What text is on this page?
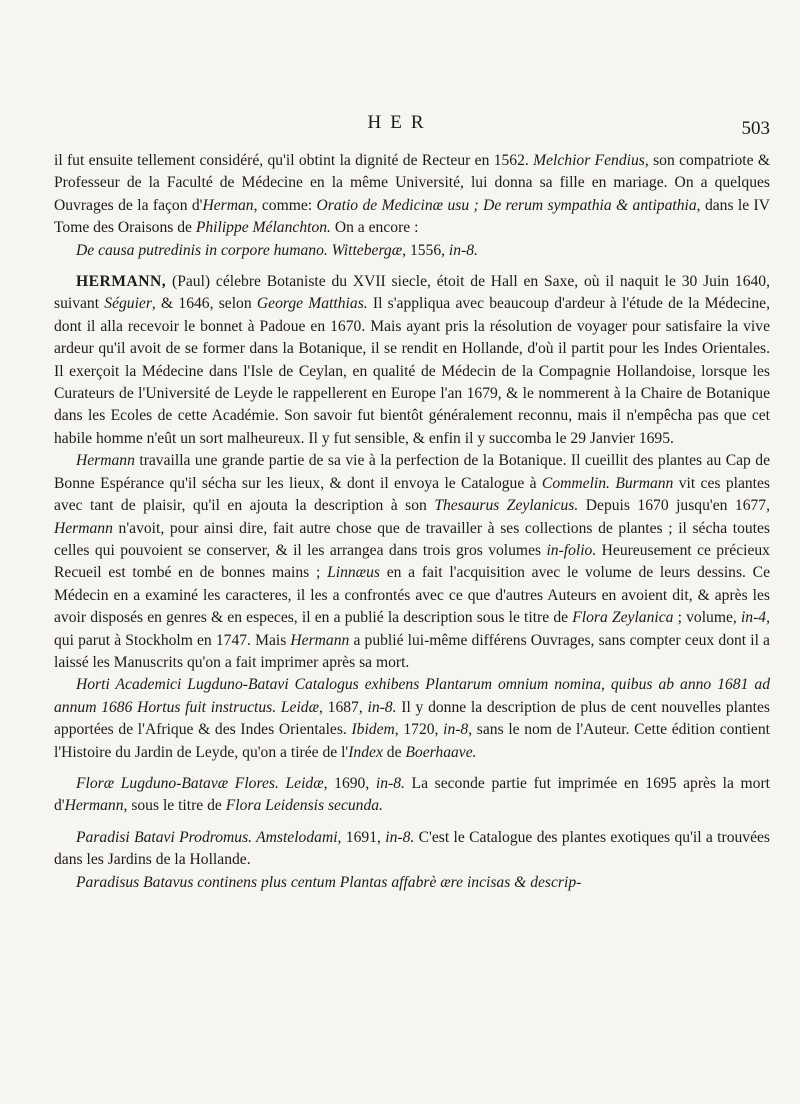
HER	503

il fut ensuite tellement considéré, qu'il obtint la dignité de Recteur en 1562. Melchior Fendius, son compatriote & Professeur de la Faculté de Médecine en la même Université, lui donna sa fille en mariage. On a quelques Ouvrages de la façon d'Herman, comme: Oratio de Medicinæ usu ; De rerum sympathia & antipathia, dans le IV Tome des Oraisons de Philippe Mélanchton. On a encore :

De causa putredinis in corpore humano. Wittebergæ, 1556, in-8.

HERMANN, (Paul) célebre Botaniste du XVII siecle, étoit de Hall en Saxe, où il naquit le 30 Juin 1640, suivant Séguier, & 1646, selon George Matthias. Il s'appliqua avec beaucoup d'ardeur à l'étude de la Médecine, dont il alla recevoir le bonnet à Padoue en 1670. Mais ayant pris la résolution de voyager pour satisfaire la vive ardeur qu'il avoit de se former dans la Botanique, il se rendit en Hollande, d'où il partit pour les Indes Orientales. Il exerçoit la Médecine dans l'Isle de Ceylan, en qualité de Médecin de la Compagnie Hollandoise, lorsque les Curateurs de l'Université de Leyde le rappellerent en Europe l'an 1679, & le nommerent à la Chaire de Botanique dans les Ecoles de cette Académie. Son savoir fut bientôt généralement reconnu, mais il n'empêcha pas que cet habile homme n'eût un sort malheureux. Il y fut sensible, & enfin il y succomba le 29 Janvier 1695.

Hermann travailla une grande partie de sa vie à la perfection de la Botanique. Il cueillit des plantes au Cap de Bonne Espérance qu'il sécha sur les lieux, & dont il envoya le Catalogue à Commelin. Burmann vit ces plantes avec tant de plaisir, qu'il en ajouta la description à son Thesaurus Zeylanicus. Depuis 1670 jusqu'en 1677, Hermann n'avoit, pour ainsi dire, fait autre chose que de travailler à ses collections de plantes ; il sécha toutes celles qui pouvoient se conserver, & il les arrangea dans trois gros volumes in-folio. Heureusement ce précieux Recueil est tombé en de bonnes mains ; Linnæus en a fait l'acquisition avec le volume de leurs dessins. Ce Médecin en a examiné les caracteres, il les a confrontés avec ce que d'autres Auteurs en avoient dit, & après les avoir disposés en genres & en especes, il en a publié la description sous le titre de Flora Zeylanica ; volume, in-4, qui parut à Stockholm en 1747. Mais Hermann a publié lui-même différens Ouvrages, sans compter ceux dont il a laissé les Manuscrits qu'on a fait imprimer après sa mort.

Horti Academici Lugduno-Batavi Catalogus exhibens Plantarum omnium nomina, quibus ab anno 1681 ad annum 1686 Hortus fuit instructus. Leidæ, 1687, in-8. Il y donne la description de plus de cent nouvelles plantes apportées de l'Afrique & des Indes Orientales. Ibidem, 1720, in-8, sans le nom de l'Auteur. Cette édition contient l'Histoire du Jardin de Leyde, qu'on a tirée de l'Index de Boerhaave.

Floræ Lugduno-Batavæ Flores. Leidæ, 1690, in-8. La seconde partie fut imprimée en 1695 après la mort d'Hermann, sous le titre de Flora Leidensis secunda.

Paradisi Batavi Prodromus. Amstelodami, 1691, in-8. C'est le Catalogue des plantes exotiques qu'il a trouvées dans les Jardins de la Hollande.

Paradisus Batavus continens plus centum Plantas affabrè ære incisas & descrip-
